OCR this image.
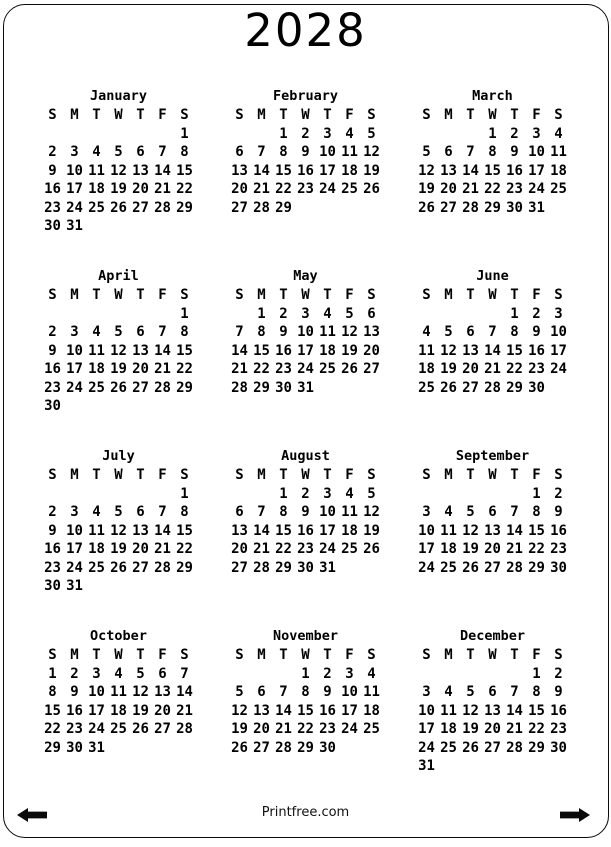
2028
January
S M T W T F S
1
2 3 4 5 6 7 8
9 10 11 12 13 14 15
16 17 18 19 20 21 22
23 24 25 26 27 28 29
30 31
February
S M T W T F S
1 2 3 4 5
6 7 8 9 10 11 12
13 14 15 16 17 18 19
20 21 22 23 24 25 26
27 28 29
March
S M T W T F S
1 2 3 4
5 6 7 8 9 10 11
12 13 14 15 16 17 18
19 20 21 22 23 24 25
26 27 28 29 30 31
April
S M T W T F S
1
2 3 4 5 6 7 8
9 10 11 12 13 14 15
16 17 18 19 20 21 22
23 24 25 26 27 28 29
30
May
S M T W T F S
1 2 3 4 5 6
7 8 9 10 11 12 13
14 15 16 17 18 19 20
21 22 23 24 25 26 27
28 29 30 31
June
S M T W T F S
1 2 3
4 5 6 7 8 9 10
11 12 13 14 15 16 17
18 19 20 21 22 23 24
25 26 27 28 29 30
July
S M T W T F S
1
2 3 4 5 6 7 8
9 10 11 12 13 14 15
16 17 18 19 20 21 22
23 24 25 26 27 28 29
30 31
August
S M T W T F S
1 2 3 4 5
6 7 8 9 10 11 12
13 14 15 16 17 18 19
20 21 22 23 24 25 26
27 28 29 30 31
September
S M T W T F S
1 2
3 4 5 6 7 8 9
10 11 12 13 14 15 16
17 18 19 20 21 22 23
24 25 26 27 28 29 30
October
S M T W T F S
1 2 3 4 5 6 7
8 9 10 11 12 13 14
15 16 17 18 19 20 21
22 23 24 25 26 27 28
29 30 31
November
S M T W T F S
1 2 3 4
5 6 7 8 9 10 11
12 13 14 15 16 17 18
19 20 21 22 23 24 25
26 27 28 29 30
December
S M T W T F S
1 2
3 4 5 6 7 8 9
10 11 12 13 14 15 16
17 18 19 20 21 22 23
24 25 26 27 28 29 30
31
Printfree.com
